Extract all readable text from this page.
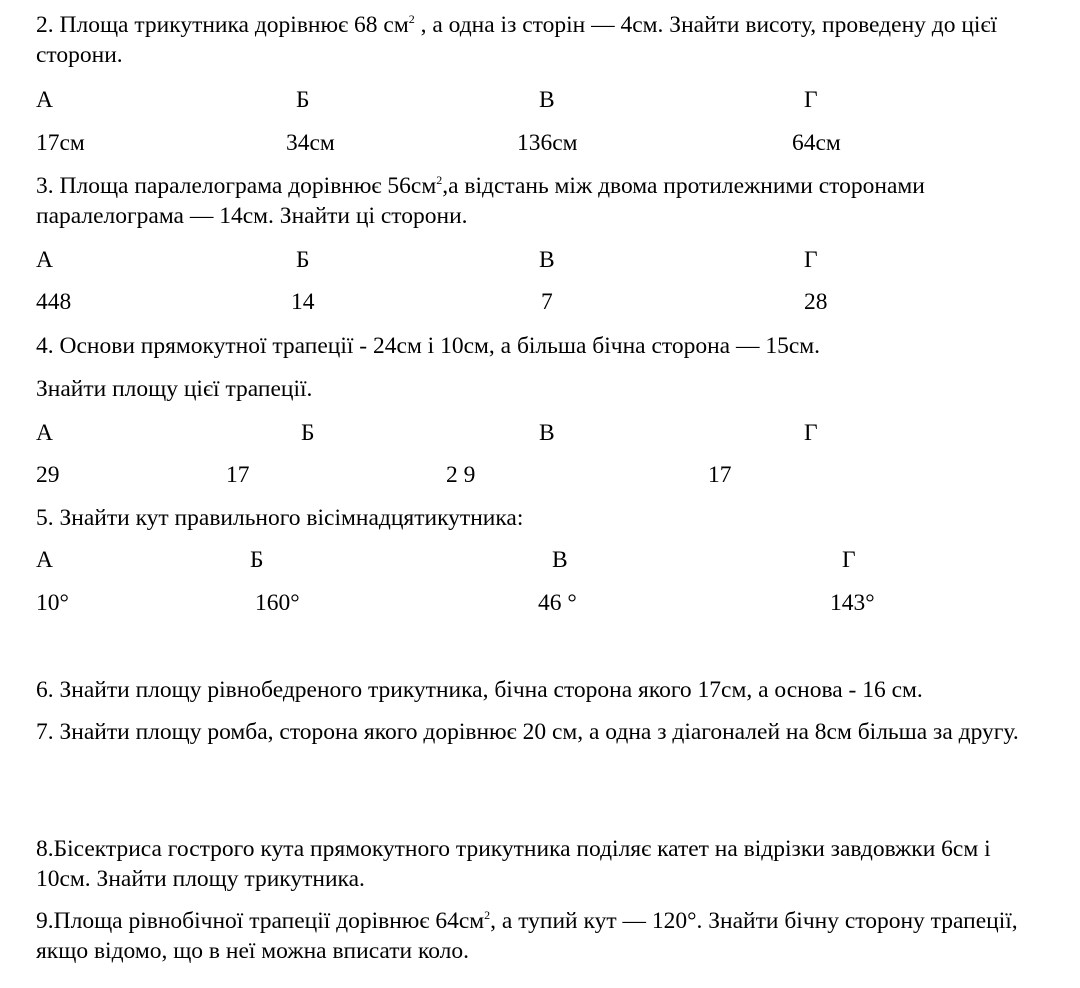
2. Площа трикутника дорівнює 68 $см^2$ , а одна із сторін — 4см. Знайти висоту, проведену до цієї сторони.

А	Б	В	Г
17см	34см	136см	64см

3. Площа паралелограма дорівнює $56см^2,а$ відстань між двома протилежними сторонами паралелограма — 14см. Знайти ці сторони.

А	Б	В	Г
448	14	7	28

4. Основи прямокутної трапеції - 24см і 10см, а більша бічна сторона — 15см.

Знайти площу цієї трапеції.

А	Б	В	Г
29	17	2 9	17

5. Знайти кут правильного вісімнадцятикутника:

А	Б	В	Г
10°	160°	46 °	143°

6. Знайти площу рівнобедреного трикутника, бічна сторона якого 17см, а основа - 16 см.

7. Знайти площу ромба, сторона якого дорівнює 20 см, а одна з діагоналей на 8см більша за другу.

8.Бісектриса гострого кута прямокутного трикутника поділяє катет на відрізки завдовжки 6см і 10см. Знайти площу трикутника.

9.Площа рівнобічної трапеції дорівнює $64см^2$, а тупий кут — 120°. Знайти бічну сторону трапеції, якщо відомо, що в неї можна вписати коло.
